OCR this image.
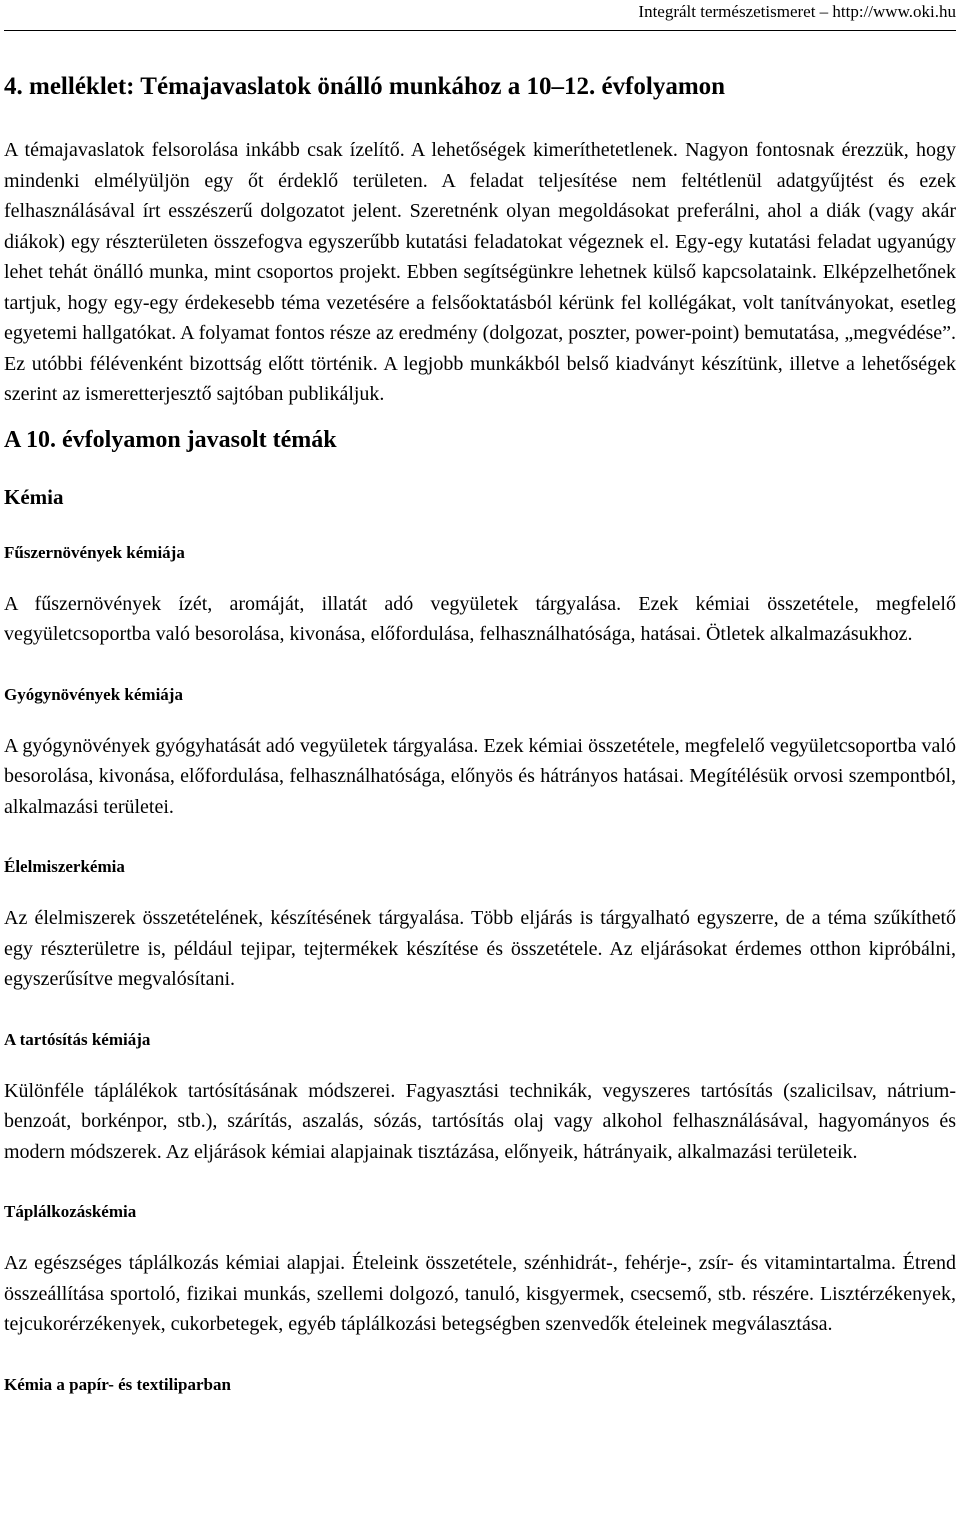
Integrált természetismeret – http://www.oki.hu
4. melléklet: Témajavaslatok önálló munkához a 10–12. évfolyamon

A témajavaslatok felsorolása inkább csak ízelítő. A lehetőségek kimeríthetetlenek. Nagyon fontosnak érezzük, hogy mindenki elmélyüljön egy őt érdeklő területen. A feladat teljesítése nem feltétlenül adatgyűjtést és ezek felhasználásával írt esszészerű dolgozatot jelent. Szeretnénk olyan megoldásokat preferálni, ahol a diák (vagy akár diákok) egy részterületen összefogva egyszerűbb kutatási feladatokat végeznek el. Egy-egy kutatási feladat ugyanúgy lehet tehát önálló munka, mint csoportos projekt. Ebben segítségünkre lehetnek külső kapcsolataink. Elképzelhetőnek tartjuk, hogy egy-egy érdekesebb téma vezetésére a felsőoktatásból kérünk fel kollégákat, volt tanítványokat, esetleg egyetemi hallgatókat. A folyamat fontos része az eredmény (dolgozat, poszter, power-point) bemutatása, „megvédése”. Ez utóbbi félévenként bizottság előtt történik. A legjobb munkákból belső kiadványt készítünk, illetve a lehetőségek szerint az ismeretterjesztő sajtóban publikáljuk.

A 10. évfolyamon javasolt témák
Kémia
Fűszernövények kémiája

A fűszernövények ízét, aromáját, illatát adó vegyületek tárgyalása. Ezek kémiai összetétele, megfelelő vegyületcsoportba való besorolása, kivonása, előfordulása, felhasználhatósága, hatásai. Ötletek alkalmazásukhoz.

Gyógynövények kémiája

A gyógynövények gyógyhatását adó vegyületek tárgyalása. Ezek kémiai összetétele, megfelelő vegyületcsoportba való besorolása, kivonása, előfordulása, felhasználhatósága, előnyös és hátrányos hatásai. Megítélésük orvosi szempontból, alkalmazási területei.

Élelmiszerkémia

Az élelmiszerek összetételének, készítésének tárgyalása. Több eljárás is tárgyalható egyszerre, de a téma szűkíthető egy részterületre is, például tejipar, tejtermékek készítése és összetétele. Az eljárásokat érdemes otthon kipróbálni, egyszerűsítve megvalósítani.

A tartósítás kémiája

Különféle táplálékok tartósításának módszerei. Fagyasztási technikák, vegyszeres tartósítás (szalicilsav, nátrium-benzoát, borkénpor, stb.), szárítás, aszalás, sózás, tartósítás olaj vagy alkohol felhasználásával, hagyományos és modern módszerek. Az eljárások kémiai alapjainak tisztázása, előnyeik, hátrányaik, alkalmazási területeik.

Táplálkozáskémia

Az egészséges táplálkozás kémiai alapjai. Ételeink összetétele, szénhidrát-, fehérje-, zsír- és vitamintartalma. Étrend összeállítása sportoló, fizikai munkás, szellemi dolgozó, tanuló, kisgyermek, csecsemő, stb. részére. Lisztérzékenyek, tejcukorérzékenyek, cukorbetegek, egyéb táplálkozási betegségben szenvedők ételeinek megválasztása.

Kémia a papír- és textiliparban
